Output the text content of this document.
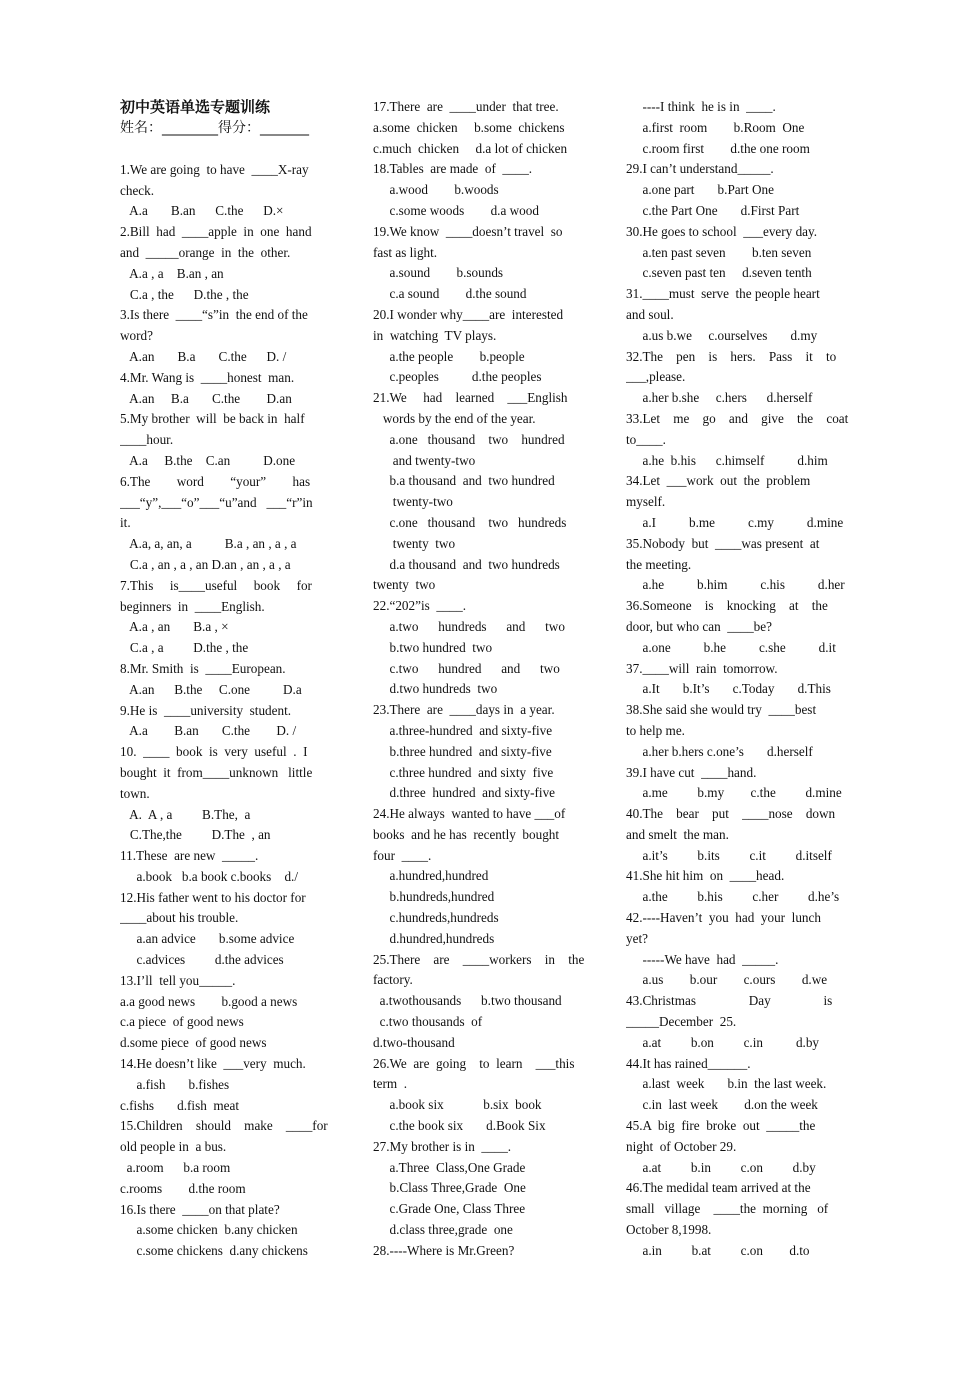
初中英语单选专题训练
姓名：________得分：_______
1.We are going  to have  ____X-ray
check.
A.a       B.an      C.the      D.×
2.Bill  had  ____apple  in  one  hand
and  _____orange  in  the  other.
A.a , a    B.an , an
C.a , the      D.the , the
3.Is there  ____“s”in  the end of the
word?
A.an       B.a       C.the      D. /
4.Mr. Wang is  ____honest  man.
A.an     B.a       C.the        D.an
5.My brother  will  be back in  half
____hour.
A.a     B.the    C.an          D.one
6.The        word        “your”        has
___“y”,___“o”___“u”and   ___“r”in
it.
A.a, a, an, a          B.a , an , a , a
C.a , an , a , an D.an , an , a , a
7.This     is____useful     book     for
beginners  in  ____English.
A.a , an       B.a , ×
C.a , a         D.the , the
8.Mr. Smith  is  ____European.
A.an      B.the     C.one          D.a
9.He is  ____university  student.
A.a        B.an       C.the        D. /
10.  ____  book  is  very  useful  .  I
bought  it  from____unknown   little
town.
A.  A , a         B.The,  a
C.The,the         D.The  , an
11.These  are new  _____.
a.book   b.a book c.books    d./
12.His father went to his doctor for
____about his trouble.
a.an advice       b.some advice
c.advices         d.the advices
13.I’ll  tell you_____.
a.a good news        b.good a news
c.a piece  of good news
d.some piece  of good news
14.He doesn’t like  ___very  much.
a.fish       b.fishes
c.fishs       d.fish  meat
15.Children    should    make    ____for
old people in  a bus.
a.room      b.a room
c.rooms        d.the room
16.Is there  ____on that plate?
a.some chicken  b.any chicken
c.some chickens  d.any chickens
17.There  are  ____under  that tree.
a.some  chicken     b.some  chickens
c.much  chicken     d.a lot of chicken
18.Tables  are made  of  ____.
a.wood        b.woods
c.some woods        d.a wood
19.We know  ____doesn’t travel  so
fast as light.
a.sound        b.sounds
c.a sound        d.the sound
20.I wonder why____are  interested
in  watching  TV plays.
a.the people        b.people
c.peoples          d.the peoples
21.We     had    learned    ___English
words by the end of the year.
a.one   thousand    two    hundred
and twenty-two
b.a thousand  and  two hundred
twenty-two
c.one   thousand    two   hundreds
twenty  two
d.a thousand  and  two hundreds
twenty  two
22.“202”is  ____.
a.two      hundreds      and      two
b.two hundred  two
c.two      hundred      and      two
d.two hundreds  two
23.There  are  ____days in  a year.
a.three-hundred  and sixty-five
b.three hundred  and sixty-five
c.three hundred  and sixty  five
d.three  hundred  and sixty-five
24.He always  wanted to have ___of
books  and he has  recently  bought
four  ____.
a.hundred,hundred
b.hundreds,hundred
c.hundreds,hundreds
d.hundred,hundreds
25.There    are    ____workers    in    the
factory.
a.twothousands      b.two thousand
c.two thousands  of
d.two-thousand
26.We  are  going    to  learn    ___this
term  .
a.book six            b.six  book
c.the book six       d.Book Six
27.My brother is in  ____.
a.Three  Class,One Grade
b.Class Three,Grade  One
c.Grade One, Class Three
d.class three,grade  one
28.----Where is Mr.Green?
----I think  he is in  ____.
a.first  room        b.Room  One
c.room first        d.the one room
29.I can’t understand_____.
a.one part       b.Part One
c.the Part One       d.First Part
30.He goes to school  ___every day.
a.ten past seven        b.ten seven
c.seven past ten     d.seven tenth
31.____must  serve  the people heart
and soul.
a.us b.we     c.ourselves       d.my
32.The    pen    is    hers.    Pass    it    to
___,please.
a.her b.she     c.hers      d.herself
33.Let    me    go    and    give    the    coat
to____.
a.he  b.his      c.himself          d.him
34.Let  ___work  out  the  problem
myself.
a.I          b.me          c.my          d.mine
35.Nobody  but  ____was present  at
the meeting.
a.he          b.him          c.his          d.her
36.Someone    is    knocking    at    the
door, but who can  ____be?
a.one          b.he          c.she          d.it
37.____will  rain  tomorrow.
a.It       b.It’s       c.Today       d.This
38.She said she would try  ____best
to help me.
a.her b.hers c.one’s       d.herself
39.I have cut  ____hand.
a.me         b.my        c.the         d.mine
40.The    bear    put    ____nose    down
and smelt  the man.
a.it’s         b.its         c.it         d.itself
41.She hit him  on  ____head.
a.the         b.his         c.her         d.he’s
42.----Haven’t  you  had  your  lunch
yet?
-----We have  had  _____.
a.us        b.our        c.ours        d.we
43.Christmas                Day                is
_____December  25.
a.at         b.on         c.in          d.by
44.It has rained______.
a.last  week       b.in  the last week.
c.in  last week        d.on the week
45.A  big  fire  broke  out  _____the
night  of October 29.
a.at         b.in         c.on         d.by
46.The medidal team arrived at the
small   village    ____the  morning   of
October 8,1998.
a.in         b.at         c.on        d.to
